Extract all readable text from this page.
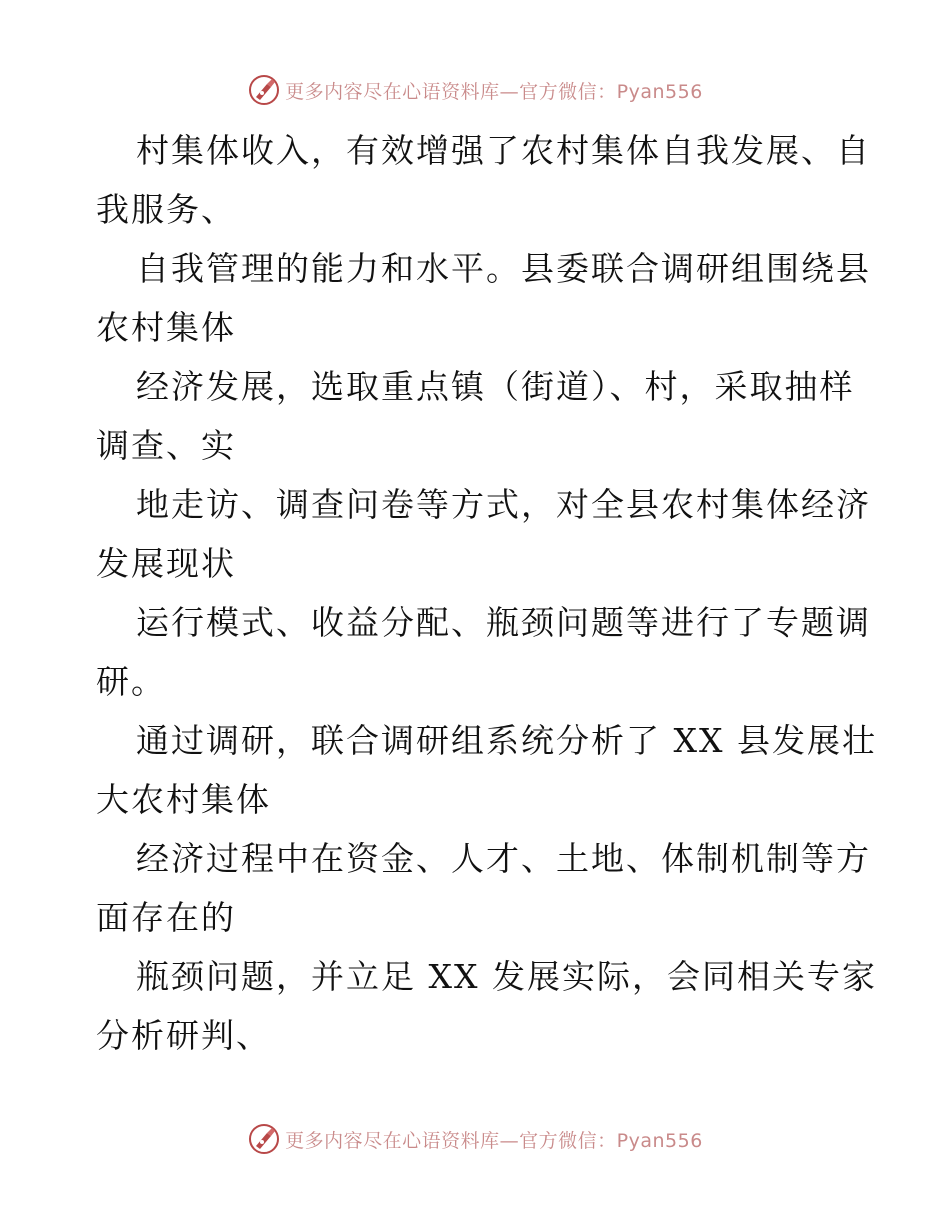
更多内容尽在心语资料库—官方微信：Pyan556
村集体收入，有效增强了农村集体自我发展、自
我服务、
自我管理的能力和水平。县委联合调研组围绕县
农村集体
经济发展，选取重点镇（街道）、村，采取抽样
调查、实
地走访、调查问卷等方式，对全县农村集体经济
发展现状
运行模式、收益分配、瓶颈问题等进行了专题调
研。
通过调研，联合调研组系统分析了 XX 县发展壮
大农村集体
经济过程中在资金、人才、土地、体制机制等方
面存在的
瓶颈问题，并立足 XX 发展实际，会同相关专家
分析研判、
更多内容尽在心语资料库—官方微信：Pyan556
